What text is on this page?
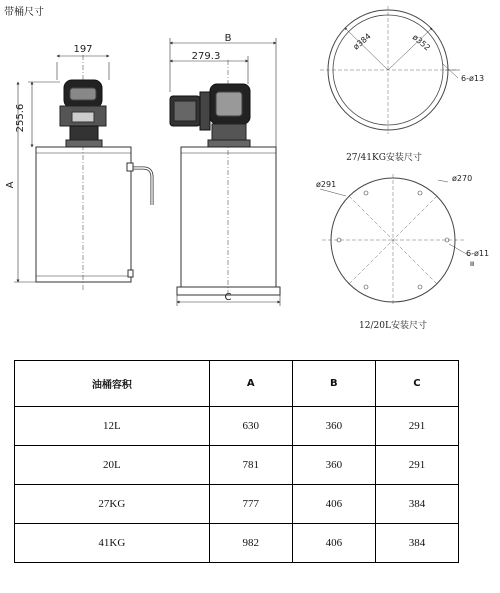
带桶尺寸
197
255.6
A
B
279.3
C
ø384	ø352
6-ø13
27/41KG安装尺寸
ø291
ø270
6-ø11
Ⅲ
12/20L安装尺寸
油桶容积	A	B	C
12L	630	360	291
20L	781	360	291
27KG	777	406	384
41KG	982	406	384
